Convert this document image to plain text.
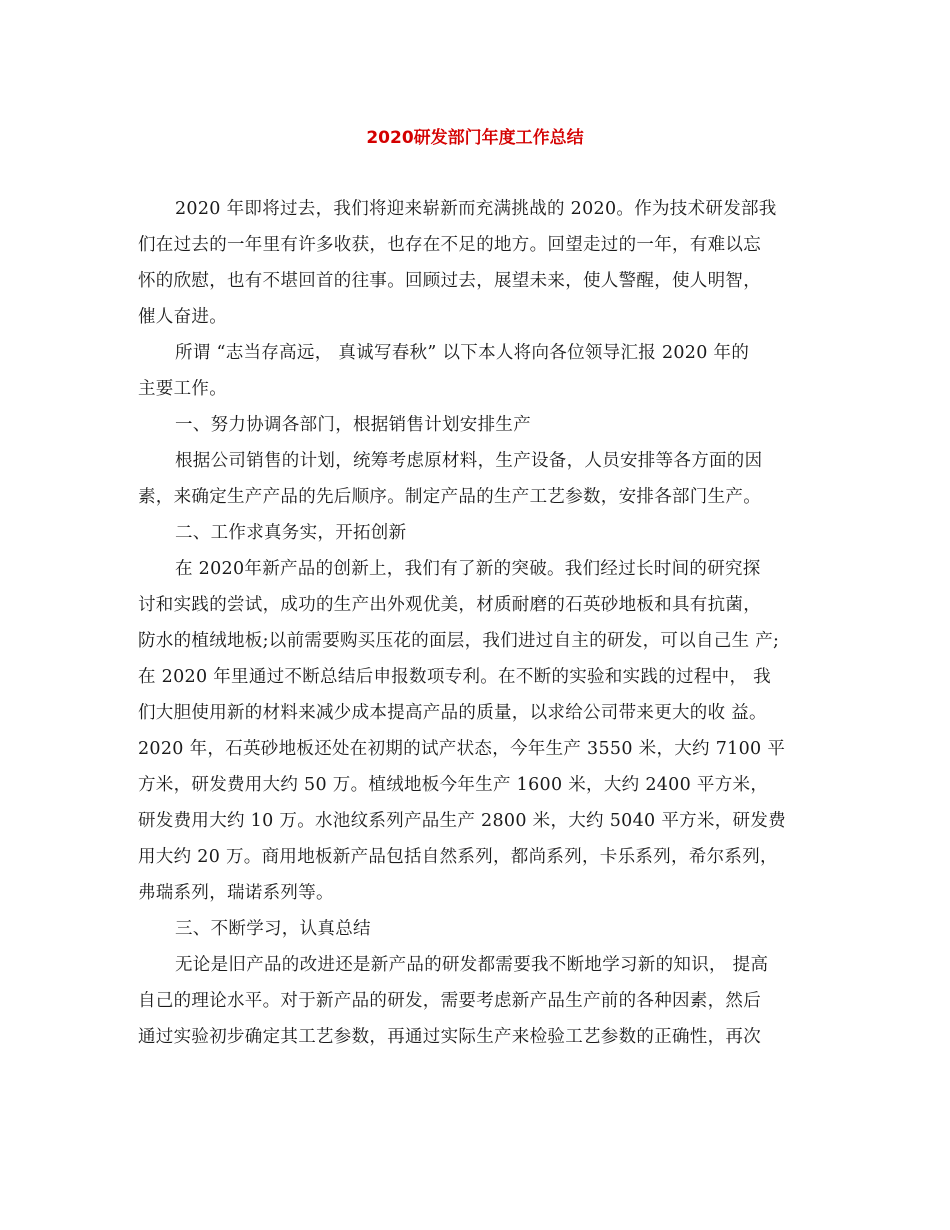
2020研发部门年度工作总结

2020 年即将过去，我们将迎来崭新而充满挑战的 2020。作为技术研发部我

们在过去的一年里有许多收获，也存在不足的地方。回望走过的一年，有难以忘

怀的欣慰，也有不堪回首的往事。回顾过去，展望未来，使人警醒，使人明智，

催人奋进。

所谓 “志当存高远， 真诚写春秋” 以下本人将向各位领导汇报 2020 年的

主要工作。

一、努力协调各部门，根据销售计划安排生产

根据公司销售的计划，统筹考虑原材料，生产设备，人员安排等各方面的因

素，来确定生产产品的先后顺序。制定产品的生产工艺参数，安排各部门生产。

二、工作求真务实，开拓创新

在 2020年新产品的创新上，我们有了新的突破。我们经过长时间的研究探

讨和实践的尝试，成功的生产出外观优美，材质耐磨的石英砂地板和具有抗菌，

防水的植绒地板;以前需要购买压花的面层，我们进过自主的研发，可以自己生 产;

在 2020 年里通过不断总结后申报数项专利。在不断的实验和实践的过程中， 我

们大胆使用新的材料来减少成本提高产品的质量，以求给公司带来更大的收 益。

2020 年，石英砂地板还处在初期的试产状态，今年生产 3550 米，大约 7100 平

方米，研发费用大约 50 万。植绒地板今年生产 1600 米，大约 2400 平方米，

研发费用大约 10 万。水池纹系列产品生产 2800 米，大约 5040 平方米，研发费

用大约 20 万。商用地板新产品包括自然系列，都尚系列，卡乐系列，希尔系列，

弗瑞系列，瑞诺系列等。

三、不断学习，认真总结

无论是旧产品的改进还是新产品的研发都需要我不断地学习新的知识， 提高

自己的理论水平。对于新产品的研发，需要考虑新产品生产前的各种因素，然后

通过实验初步确定其工艺参数，再通过实际生产来检验工艺参数的正确性，再次
